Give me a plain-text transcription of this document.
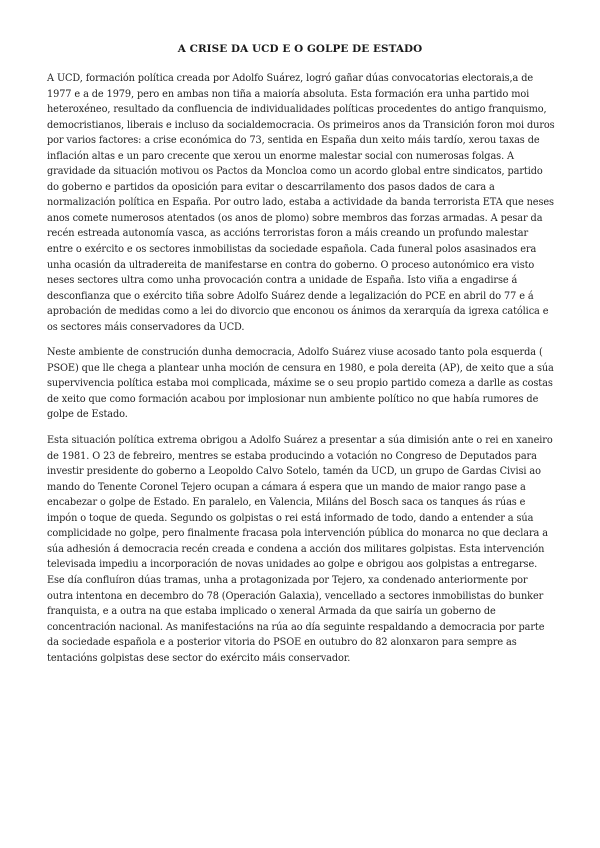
A CRISE DA UCD E O GOLPE DE ESTADO

A UCD, formación política creada por Adolfo Suárez, logró gañar dúas convocatorias electorais,a de 1977 e a de 1979, pero en ambas non tiña a maioría absoluta. Esta formación era unha partido moi heteroxéneo, resultado da confluencia de individualidades políticas procedentes do antigo franquismo, democristianos, liberais e incluso da socialdemocracia. Os primeiros anos da Transición foron moi duros por varios factores: a crise económica do 73, sentida en España dun xeito máis tardío, xerou taxas de inflación altas e un paro crecente que xerou un enorme malestar social con numerosas folgas. A gravidade da situación motivou os Pactos da Moncloa como un acordo global entre sindicatos, partido do goberno e partidos da oposición para evitar o descarrilamento dos pasos dados de cara a normalización política en España. Por outro lado, estaba a actividade da banda terrorista ETA que neses anos comete numerosos atentados (os anos de plomo) sobre membros das forzas armadas. A pesar da recén estreada autonomía vasca, as accións terroristas foron a máis creando un profundo malestar entre o exército e os sectores inmobilistas da sociedade española. Cada funeral polos asasinados era unha ocasión da ultradereita de manifestarse en contra do goberno. O proceso autonómico era visto neses sectores ultra como unha provocación contra a unidade de España. Isto viña a engadirse á desconfianza que o exército tiña sobre Adolfo Suárez dende a legalización do PCE en abril do 77 e á aprobación de medidas como a lei do divorcio que enconou os ánimos da xerarquía da igrexa católica e os sectores máis conservadores da UCD.

Neste ambiente de construción dunha democracia, Adolfo Suárez viuse acosado tanto pola esquerda ( PSOE) que lle chega a plantear unha moción de censura en 1980, e pola dereita (AP), de xeito que a súa supervivencia política estaba moi complicada, máxime se o seu propio partido comeza a darlle as costas de xeito que como formación acabou por implosionar nun ambiente político no que había rumores de golpe de Estado.

Esta situación política extrema obrigou a Adolfo Suárez a presentar a súa dimisión ante o rei en xaneiro de 1981. O 23 de febreiro, mentres se estaba producindo a votación no Congreso de Deputados para investir presidente do goberno a Leopoldo Calvo Sotelo, tamén da UCD, un grupo de Gardas Civisi ao mando do Tenente Coronel Tejero ocupan a cámara á espera que un mando de maior rango pase a encabezar o golpe de Estado. En paralelo, en Valencia, Miláns del Bosch saca os tanques ás rúas e impón o toque de queda. Segundo os golpistas o rei está informado de todo, dando a entender a súa complicidade no golpe, pero finalmente fracasa pola intervención pública do monarca no que declara a súa adhesión á democracia recén creada e condena a acción dos militares golpistas. Esta intervención televisada impediu a incorporación de novas unidades ao golpe e obrigou aos golpistas a entregarse. Ese día confluíron dúas tramas, unha a protagonizada por Tejero, xa condenado anteriormente por outra intentona en decembro do 78 (Operación Galaxia), vencellado a sectores inmobilistas do bunker franquista, e a outra na que estaba implicado o xeneral Armada da que sairía un goberno de concentración nacional. As manifestacións na rúa ao día seguinte respaldando a democracia por parte da sociedade española e a posterior vitoria do PSOE en outubro do 82 alonxaron para sempre as tentacións golpistas dese sector do exército máis conservador.
